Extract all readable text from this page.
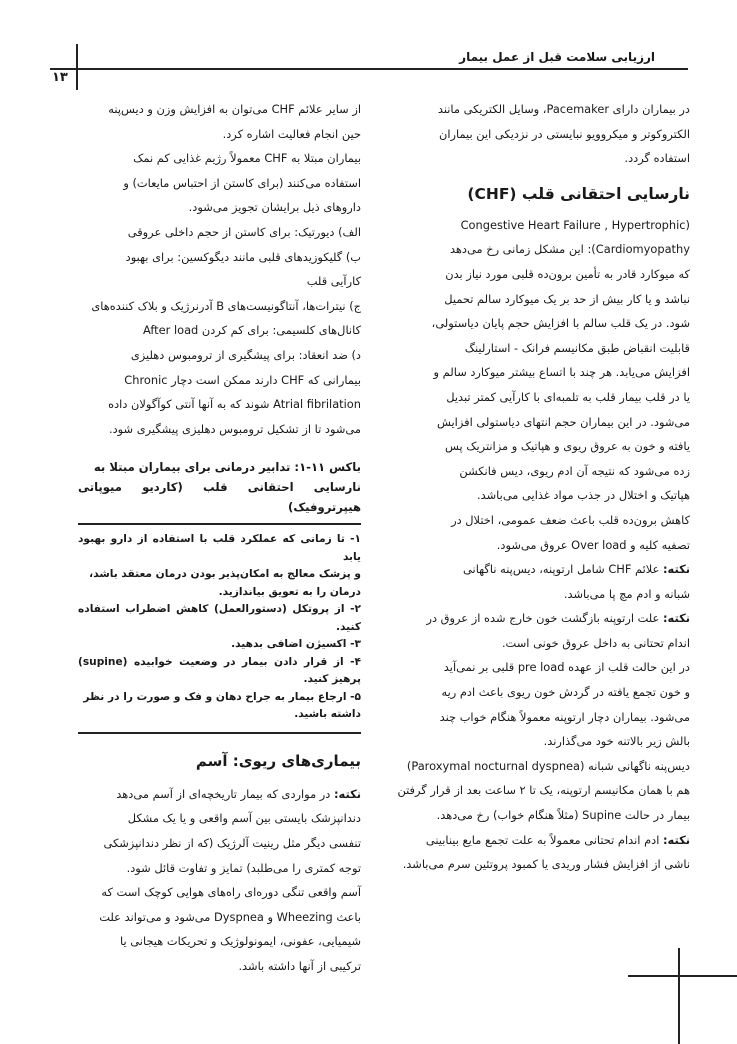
ارزیابی سلامت قبل از عمل بیمار
۱۳
در بیماران دارای Pacemaker، وسایل الکتریکی مانند
الکتروکوتر و میکروویو نبایستی در نزدیکی این بیماران
استفاده گردد.
نارسایی احتقانی قلب (CHF)
(Congestive Heart Failure , Hypertrophic
Cardiomyopathy): این مشکل زمانی رخ می‌دهد
که میوکارد قادر به تأمین برون‌ده قلبی مورد نیاز بدن
نباشد و یا کار بیش از حد بر یک میوکارد سالم تحمیل
شود. در یک قلب سالم با افزایش حجم پایان دیاستولی،
قابلیت انقباض طبق مکانیسم فرانک - استارلینگ
افزایش می‌یابد. هر چند با اتساع بیشتر میوکارد سالم و
یا در قلب بیمار قلب به تلمبه‌ای با کارآیی کمتر تبدیل
می‌شود. در این بیماران حجم انتهای دیاستولی افزایش
یافته و خون به عروق ریوی و هپاتیک و مزانتریک پس
زده می‌شود که نتیجه آن ادم ریوی، دیس فانکشن
هپاتیک و اختلال در جذب مواد غذایی می‌باشد.
کاهش برون‌ده قلب باعث ضعف عمومی، اختلال در
تصفیه کلیه و Over load عروق می‌شود.
نکته: علائم CHF شامل ارتوپنه، دیس‌پنه ناگهانی
شبانه و ادم مچ پا می‌باشد.
نکته: علت ارتوپنه بازگشت خون خارج شده از عروق در
اندام تحتانی به داخل عروق خونی است.
در این حالت قلب از عهده pre load قلبی بر نمی‌آید
و خون تجمع یافته در گردش خون ریوی باعث ادم ریه
می‌شود. بیماران دچار ارتوپنه معمولاً هنگام خواب چند
بالش زیر بالاتنه خود می‌گذارند.
دیس‌پنه ناگهانی شبانه (Paroxymal nocturnal dyspnea)
هم با همان مکانیسم ارتوپنه، یک تا ۲ ساعت بعد از قرار گرفتن
بیمار در حالت Supine (مثلاً هنگام خواب) رخ می‌دهد.
نکته: ادم اندام تحتانی معمولاً به علت تجمع مایع بینابینی
ناشی از افزایش فشار وریدی یا کمبود پروتئین سرم می‌باشد.
از سایر علائم CHF می‌توان به افزایش وزن و دیس‌پنه
حین انجام فعالیت اشاره کرد.
بیماران مبتلا به CHF معمولاً رژیم غذایی کم نمک
استفاده می‌کنند (برای کاستن از احتباس مایعات) و
داروهای ذیل برایشان تجویز می‌شود.
الف) دیورتیک: برای کاستن از حجم داخلی عروقی
ب) گلیکوزیدهای قلبی مانند دیگوکسین: برای بهبود
کارآیی قلب
ج) نیترات‌ها، آنتاگونیست‌های B آدرنرژیک و بلاک کننده‌های
کانال‌های کلسیمی: برای کم کردن After load
د) ضد انعقاد: برای پیشگیری از ترومبوس دهلیزی
بیمارانی که CHF دارند ممکن است دچار Chronic
Atrial fibrilation شوند که به آنها آنتی کوآگولان داده
می‌شود تا از تشکیل ترومبوس دهلیزی پیشگیری شود.
باکس ۱۱-۱: تدابیر درمانی برای بیماران مبتلا به
نارسایی احتقانی قلب (کاردیو میوپاتی هیپرتروفیک)
۱- تا زمانی که عملکرد قلب با استفاده از دارو بهبود یابد
و پزشک معالج به امکان‌پذیر بودن درمان معتقد باشد،
درمان را به تعویق بیاندازید.
۲- از پروتکل (دستورالعمل) کاهش اضطراب استفاده کنید.
۳- اکسیژن اضافی بدهید.
۴- از قرار دادن بیمار در وضعیت خوابیده (supine) پرهیز کنید.
۵- ارجاع بیمار به جراح دهان و فک و صورت را در نظر
داشته باشید.
بیماری‌های ریوی: آسم
نکته: در مواردی که بیمار تاریخچه‌ای از آسم می‌دهد
دندانپزشک بایستی بین آسم واقعی و یا یک مشکل
تنفسی دیگر مثل رینیت آلرژیک (که از نظر دندانپزشکی
توجه کمتری را می‌طلبد) تمایز و تفاوت قائل شود.
آسم واقعی تنگی دوره‌ای راه‌های هوایی کوچک است که
باعث Wheezing و Dyspnea می‌شود و می‌تواند علت
شیمیایی، عفونی، ایمونولوژیک و تحریکات هیجانی یا
ترکیبی از آنها داشته باشد.
